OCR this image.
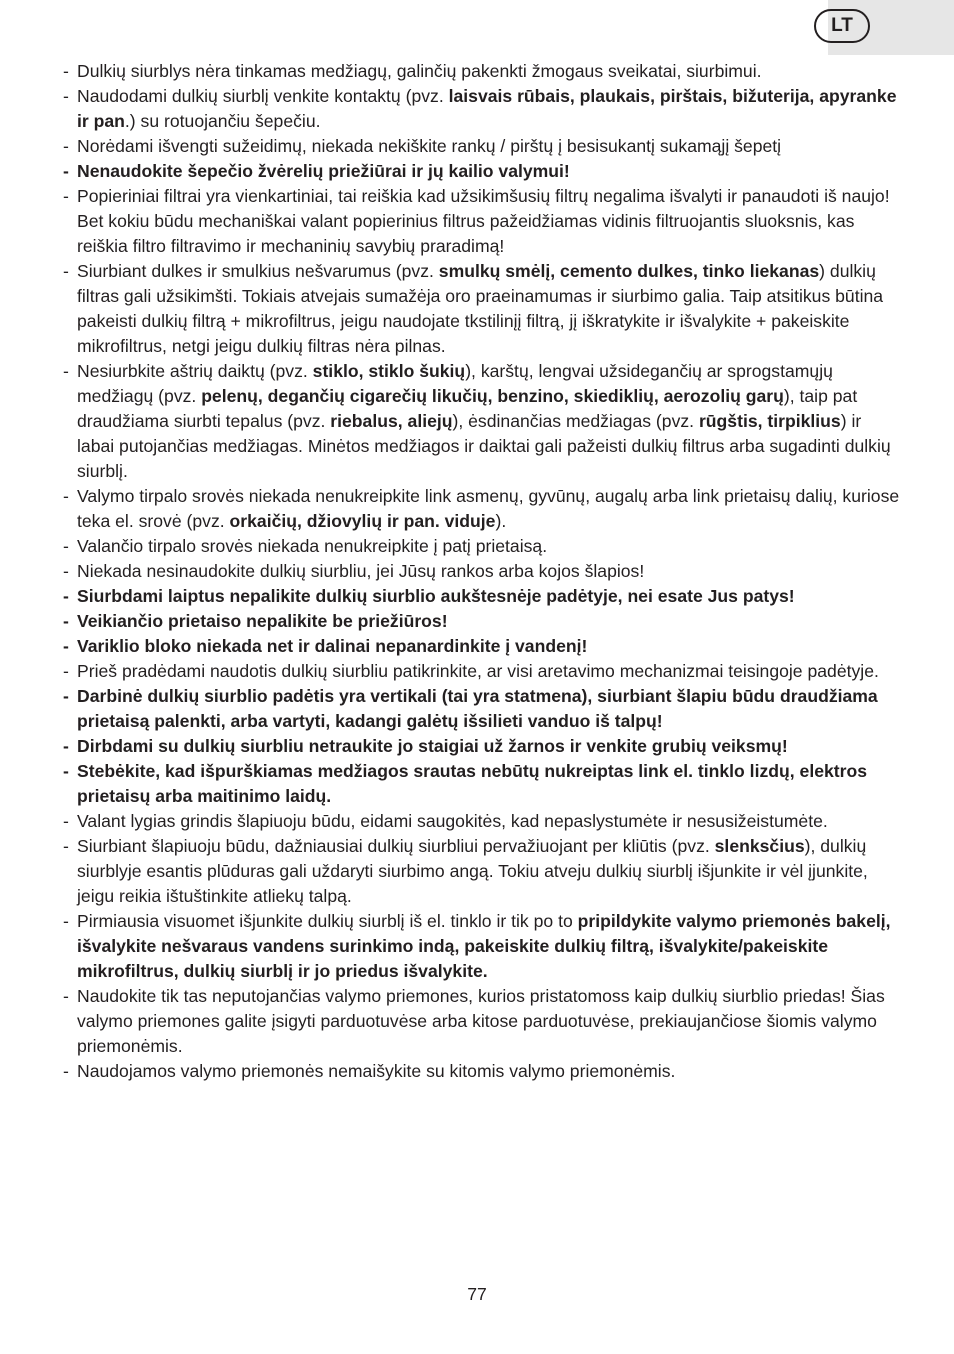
LT

- Dulkių siurblys nėra tinkamas medžiagų, galinčių pakenkti žmogaus sveikatai, siurbimui.

- Naudodami dulkių siurblį venkite kontaktų (pvz. laisvais rūbais, plaukais, pirštais, bižuterija, apyranke ir pan.) su rotuojančiu šepečiu.

- Norėdami išvengti sužeidimų, niekada nekiškite rankų / pirštų į besisukantį sukamąjį šepetį

- Nenaudokite šepečio žvėrelių priežiūrai ir jų kailio valymui!

- Popieriniai filtrai yra vienkartiniai, tai reiškia kad užsikimšusių filtrų negalima išvalyti ir panaudoti iš naujo! Bet kokiu būdu mechaniškai valant popierinius filtrus pažeidžiamas vidinis filtruojantis sluoksnis, kas reiškia filtro filtravimo ir mechaninių savybių praradimą!

- Siurbiant dulkes ir smulkius nešvarumus (pvz. smulkų smėlį, cemento dulkes, tinko liekanas) dulkių filtras gali užsikimšti. Tokiais atvejais sumažėja oro praeinamumas ir siurbimo galia. Taip atsitikus būtina pakeisti dulkių filtrą + mikrofiltrus, jeigu naudojate tkstilinįį filtrą, jį iškratykite ir išvalykite + pakeiskite mikrofiltrus, netgi jeigu dulkių filtras nėra pilnas.

- Nesiurbkite aštrių daiktų (pvz. stiklo, stiklo šukių), karštų, lengvai užsidegančių ar sprogstamųjų medžiagų (pvz. pelenų, degančių cigarečių likučių, benzino, skiediklių, aerozolių garų), taip pat draudžiama siurbti tepalus (pvz. riebalus, aliejų), ėsdinančias medžiagas (pvz. rūgštis, tirpiklius) ir labai putojančias medžiagas. Minėtos medžiagos ir daiktai gali pažeisti dulkių filtrus arba sugadinti dulkių siurblį.

- Valymo tirpalo srovės niekada nenukreipkite link asmenų, gyvūnų, augalų arba link prietaisų dalių, kuriose teka el. srovė (pvz. orkaičių, džiovylių ir pan. viduje).

- Valančio tirpalo srovės niekada nenukreipkite į patį prietaisą.

- Niekada nesinaudokite dulkių siurbliu, jei Jūsų rankos arba kojos šlapios!

- Siurbdami laiptus nepalikite dulkių siurblio aukštesnėje padėtyje, nei esate Jus patys!

- Veikiančio prietaiso nepalikite be priežiūros!

- Variklio bloko niekada net ir dalinai nepanardinkite į vandenį!

- Prieš pradėdami naudotis dulkių siurbliu patikrinkite, ar visi aretavimo mechanizmai teisingoje padėtyje.

- Darbinė dulkių siurblio padėtis yra vertikali (tai yra statmena), siurbiant šlapiu būdu draudžiama prietaisą palenkti, arba vartyti, kadangi galėtų išsilieti vanduo iš talpų!

- Dirbdami su dulkių siurbliu netraukite jo staigiai už žarnos ir venkite grubių veiksmų!

- Stebėkite, kad išpurškiamas medžiagos srautas nebūtų nukreiptas link el. tinklo lizdų, elektros prietaisų arba maitinimo laidų.

- Valant lygias grindis šlapiuoju būdu, eidami saugokitės, kad nepaslystumėte ir nesusižeistumėte.

- Siurbiant šlapiuoju būdu, dažniausiai dulkių siurbliui pervažiuojant per kliūtis (pvz. slenksčius), dulkių siurblyje esantis plūduras gali uždaryti siurbimo angą. Tokiu atveju dulkių siurblį išjunkite ir vėl įjunkite, jeigu reikia ištuštinkite atliekų talpą.

- Pirmiausia visuomet išjunkite dulkių siurblį iš el. tinklo ir tik po to pripildykite valymo priemonės bakelį, išvalykite nešvaraus vandens surinkimo indą, pakeiskite dulkių filtrą, išvalykite/pakeiskite mikrofiltrus, dulkių siurblį ir jo priedus išvalykite.

- Naudokite tik tas neputojančias valymo priemones, kurios pristatomoss kaip dulkių siurblio priedas! Šias valymo priemones galite įsigyti parduotuvėse arba kitose parduotuvėse, prekiaujančiose šiomis valymo priemonėmis.

- Naudojamos valymo priemonės nemaišykite su kitomis valymo priemonėmis.

77
